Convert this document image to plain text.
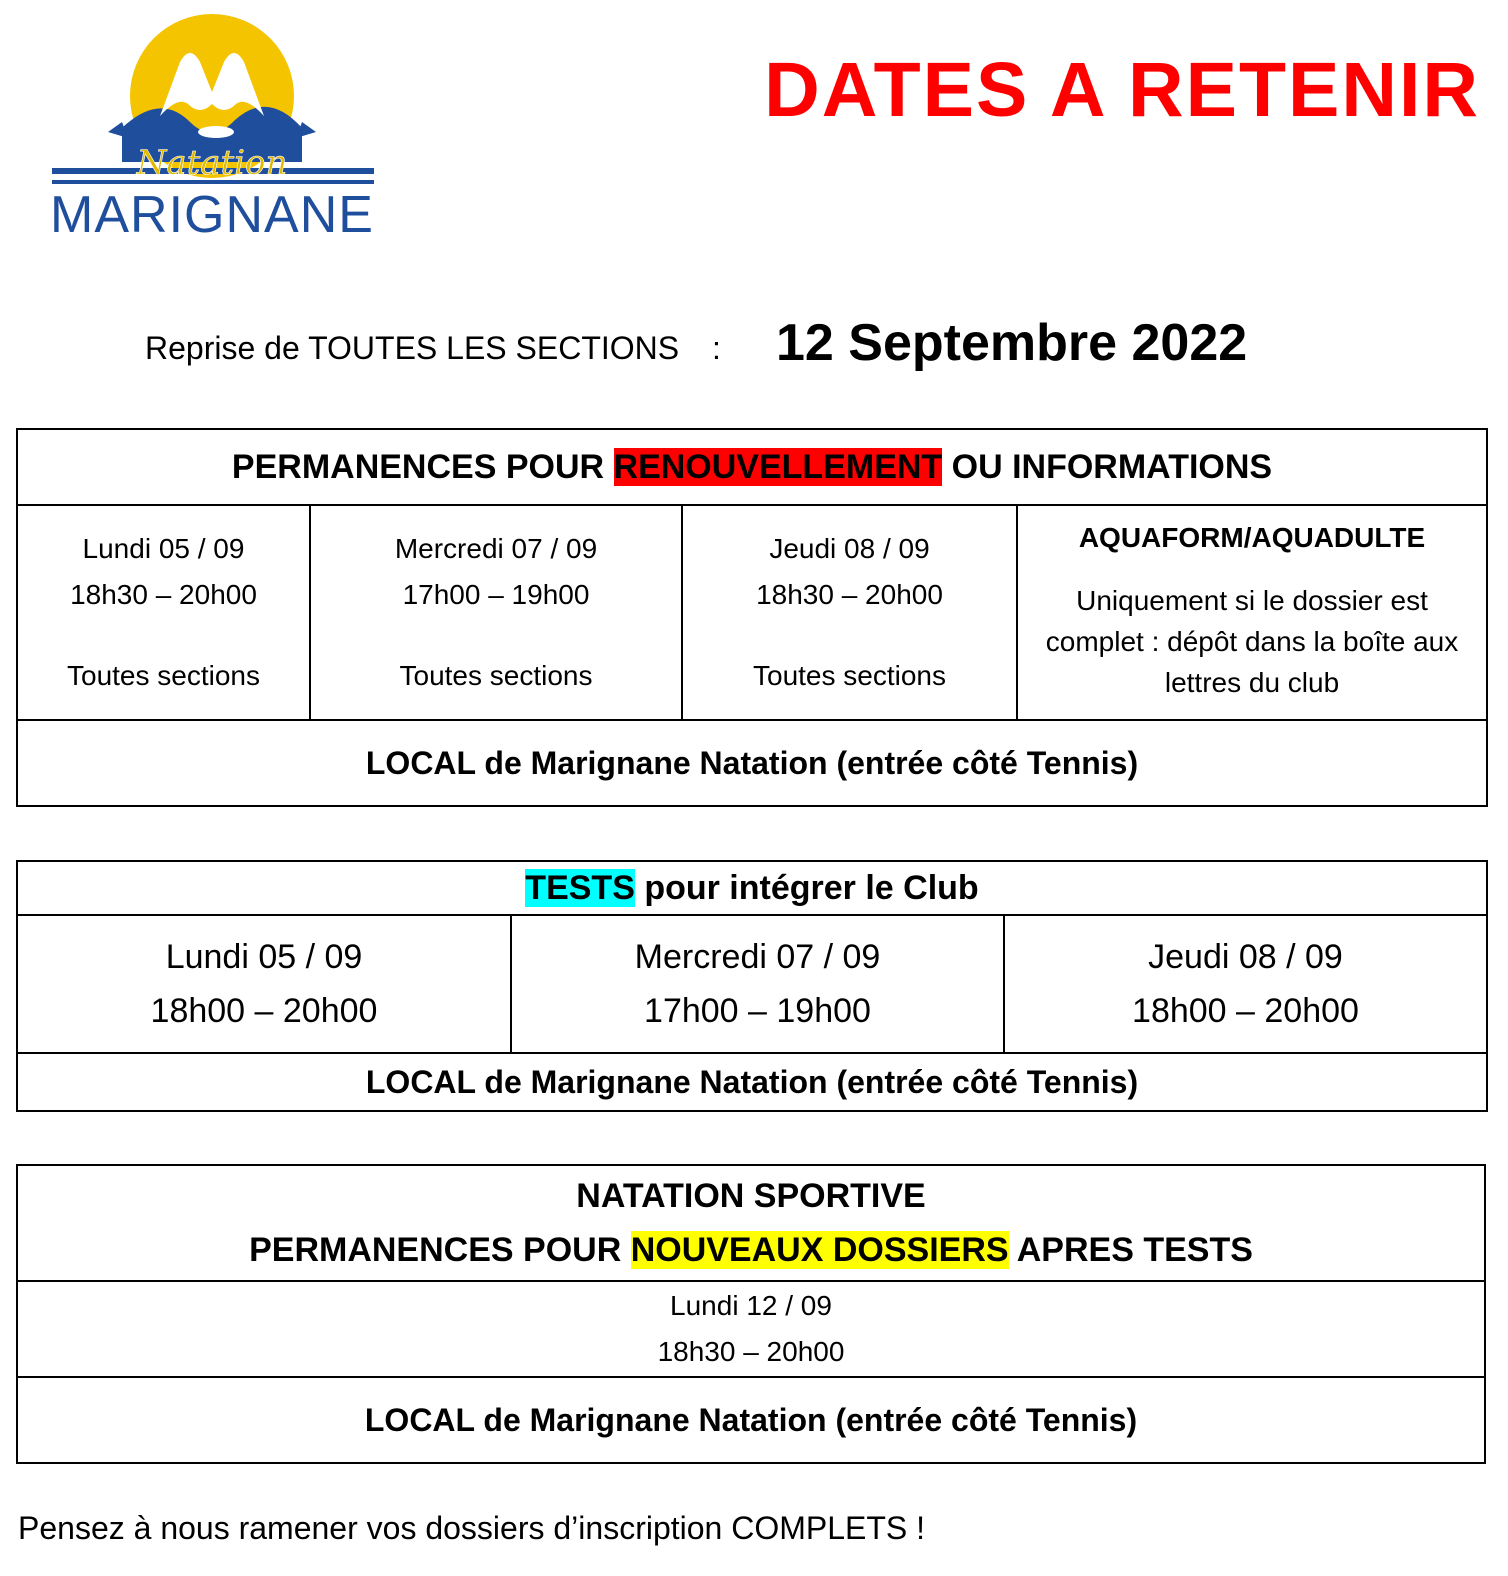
Natation
MARIGNANE
DATES A RETENIR
Reprise de TOUTES LES SECTIONS : 12 Septembre 2022
PERMANENCES POUR RENOUVELLEMENT OU INFORMATIONS

Lundi 05 / 09
18h30 – 20h00
Toutes sections

Mercredi 07 / 09
17h00 – 19h00
Toutes sections

Jeudi 08 / 09
18h30 – 20h00
Toutes sections

AQUAFORM/AQUADULTE
Uniquement si le dossier est complet : dépôt dans la boîte aux lettres du club

LOCAL de Marignane Natation (entrée côté Tennis)
TESTS pour intégrer le Club

Lundi 05 / 09
18h00 – 20h00

Mercredi 07 / 09
17h00 – 19h00

Jeudi 08 / 09
18h00 – 20h00

LOCAL de Marignane Natation (entrée côté Tennis)
NATATION SPORTIVE
PERMANENCES POUR NOUVEAUX DOSSIERS APRES TESTS

Lundi 12 / 09
18h30 – 20h00

LOCAL de Marignane Natation (entrée côté Tennis)
Pensez à nous ramener vos dossiers d’inscription COMPLETS !
